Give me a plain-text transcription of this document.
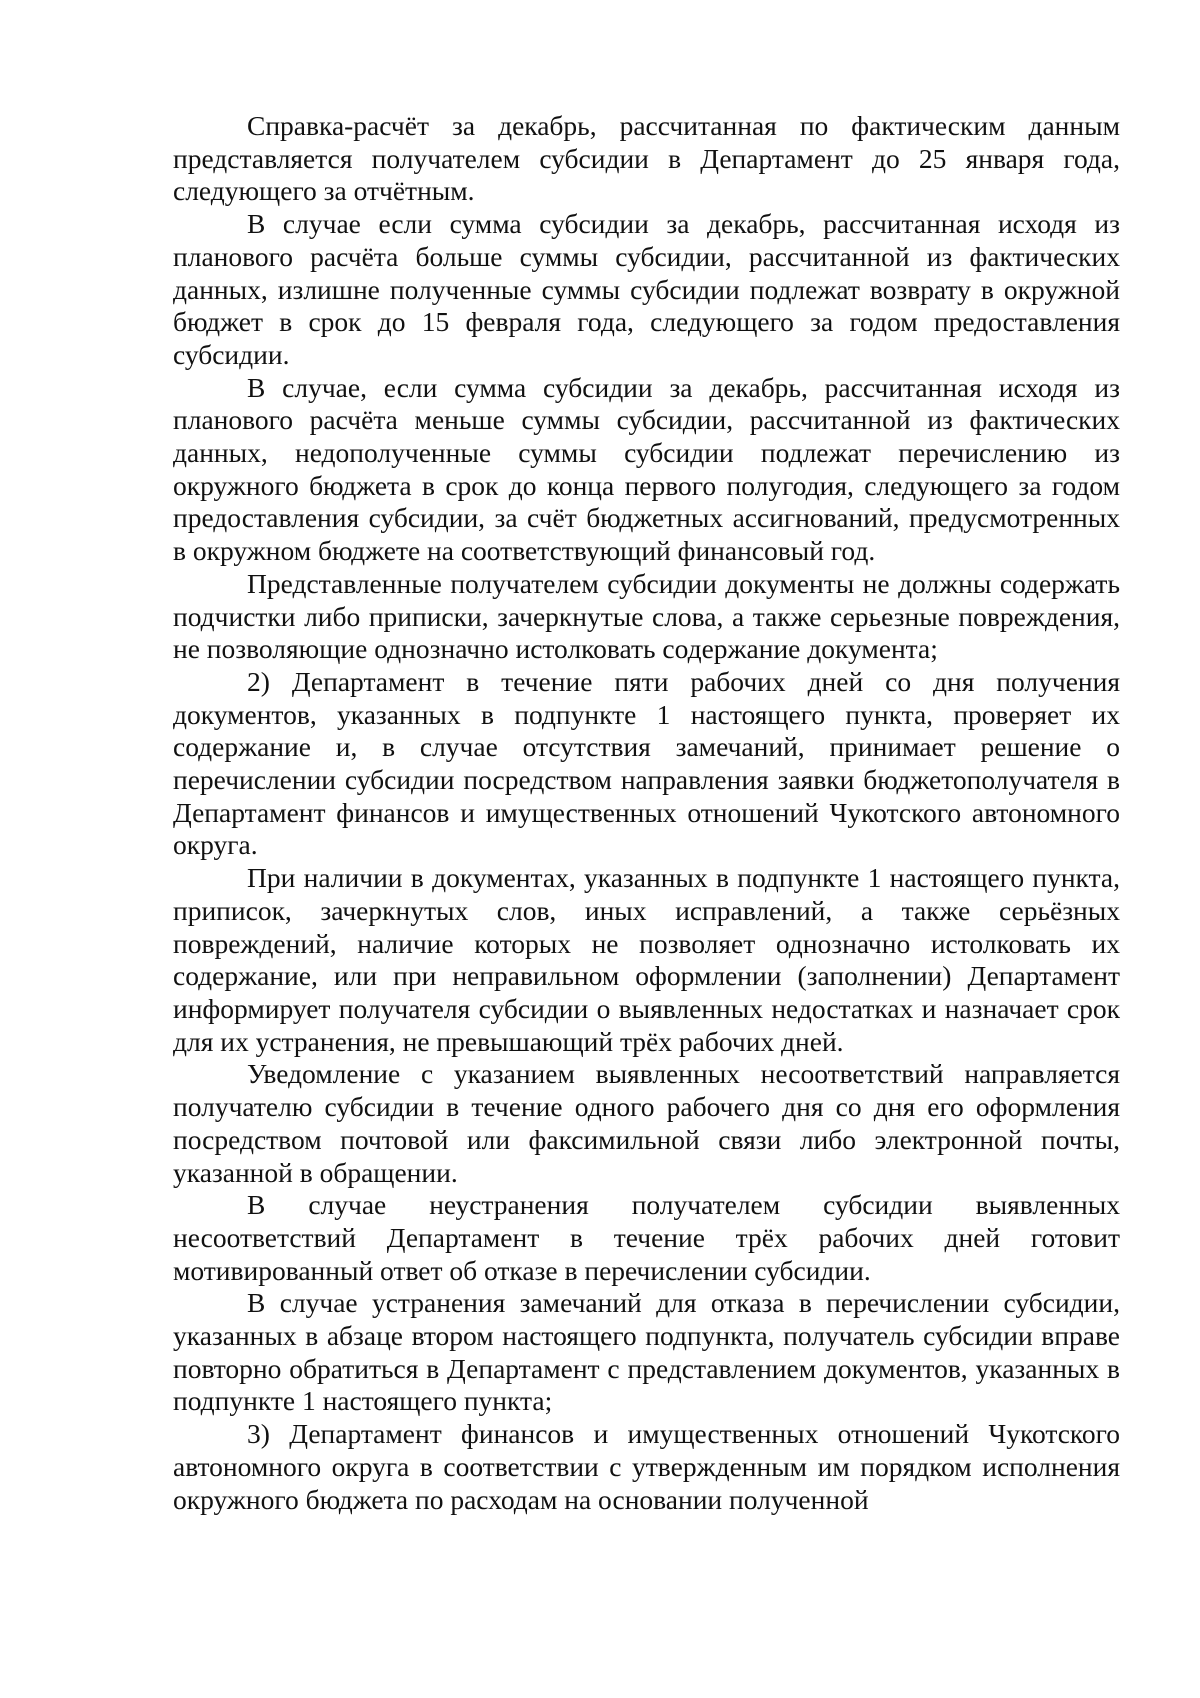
Справка-расчёт за декабрь, рассчитанная по фактическим данным представляется получателем субсидии в Департамент до 25 января года, следующего за отчётным.

В случае если сумма субсидии за декабрь, рассчитанная исходя из планового расчёта больше суммы субсидии, рассчитанной из фактических данных, излишне полученные суммы субсидии подлежат возврату в окружной бюджет в срок до 15 февраля года, следующего за годом предоставления субсидии.

В случае, если сумма субсидии за декабрь, рассчитанная исходя из планового расчёта меньше суммы субсидии, рассчитанной из фактических данных, недополученные суммы субсидии подлежат перечислению из окружного бюджета в срок до конца первого полугодия, следующего за годом предоставления субсидии, за счёт бюджетных ассигнований, предусмотренных в окружном бюджете на соответствующий финансовый год.

Представленные получателем субсидии документы не должны содержать подчистки либо приписки, зачеркнутые слова, а также серьезные повреждения, не позволяющие однозначно истолковать содержание документа;

2) Департамент в течение пяти рабочих дней со дня получения документов, указанных в подпункте 1 настоящего пункта, проверяет их содержание и, в случае отсутствия замечаний, принимает решение о перечислении субсидии посредством направления заявки бюджетополучателя в Департамент финансов и имущественных отношений Чукотского автономного округа.

При наличии в документах, указанных в подпункте 1 настоящего пункта, приписок, зачеркнутых слов, иных исправлений, а также серьёзных повреждений, наличие которых не позволяет однозначно истолковать их содержание, или при неправильном оформлении (заполнении) Департамент информирует получателя субсидии о выявленных недостатках и назначает срок для их устранения, не превышающий трёх рабочих дней.

Уведомление с указанием выявленных несоответствий направляется получателю субсидии в течение одного рабочего дня со дня его оформления посредством почтовой или факсимильной связи либо электронной почты, указанной в обращении.

В случае неустранения получателем субсидии выявленных несоответствий Департамент в течение трёх рабочих дней готовит мотивированный ответ об отказе в перечислении субсидии.

В случае устранения замечаний для отказа в перечислении субсидии, указанных в абзаце втором настоящего подпункта, получатель субсидии вправе повторно обратиться в Департамент с представлением документов, указанных в подпункте 1 настоящего пункта;

3) Департамент финансов и имущественных отношений Чукотского автономного округа в соответствии с утвержденным им порядком исполнения окружного бюджета по расходам на основании полученной
